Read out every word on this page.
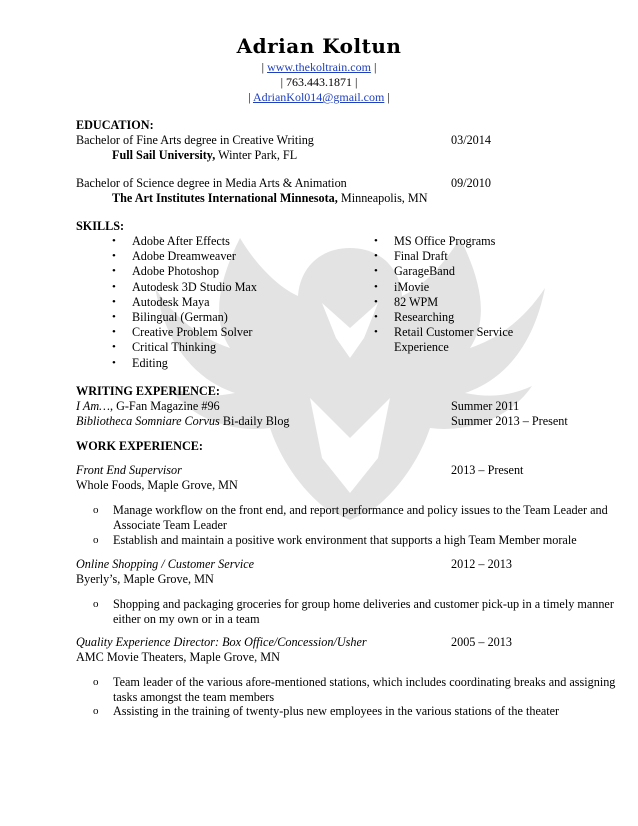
Adrian Koltun
| www.thekoltrain.com |
| 763.443.1871 |
| AdrianKol014@gmail.com |
EDUCATION:
Bachelor of Fine Arts degree in Creative Writing	03/2014
Full Sail University, Winter Park, FL
Bachelor of Science degree in Media Arts & Animation	09/2010
The Art Institutes International Minnesota, Minneapolis, MN
SKILLS:
• Adobe After Effects
• Adobe Dreamweaver
• Adobe Photoshop
• Autodesk 3D Studio Max
• Autodesk Maya
• Bilingual (German)
• Creative Problem Solver
• Critical Thinking
• Editing
• MS Office Programs
• Final Draft
• GarageBand
• iMovie
• 82 WPM
• Researching
• Retail Customer Service
Experience
WRITING EXPERIENCE:
I Am…, G-Fan Magazine #96	Summer 2011
Bibliotheca Somniare Corvus Bi-daily Blog	Summer 2013 – Present
WORK EXPERIENCE:
Front End Supervisor	2013 – Present
Whole Foods, Maple Grove, MN
o Manage workflow on the front end, and report performance and policy issues to the Team Leader and Associate Team Leader
o Establish and maintain a positive work environment that supports a high Team Member morale
Online Shopping / Customer Service	2012 – 2013
Byerly’s, Maple Grove, MN
o Shopping and packaging groceries for group home deliveries and customer pick-up in a timely manner either on my own or in a team
Quality Experience Director: Box Office/Concession/Usher	2005 – 2013
AMC Movie Theaters, Maple Grove, MN
o Team leader of the various afore-mentioned stations, which includes coordinating breaks and assigning tasks amongst the team members
o Assisting in the training of twenty-plus new employees in the various stations of the theater
